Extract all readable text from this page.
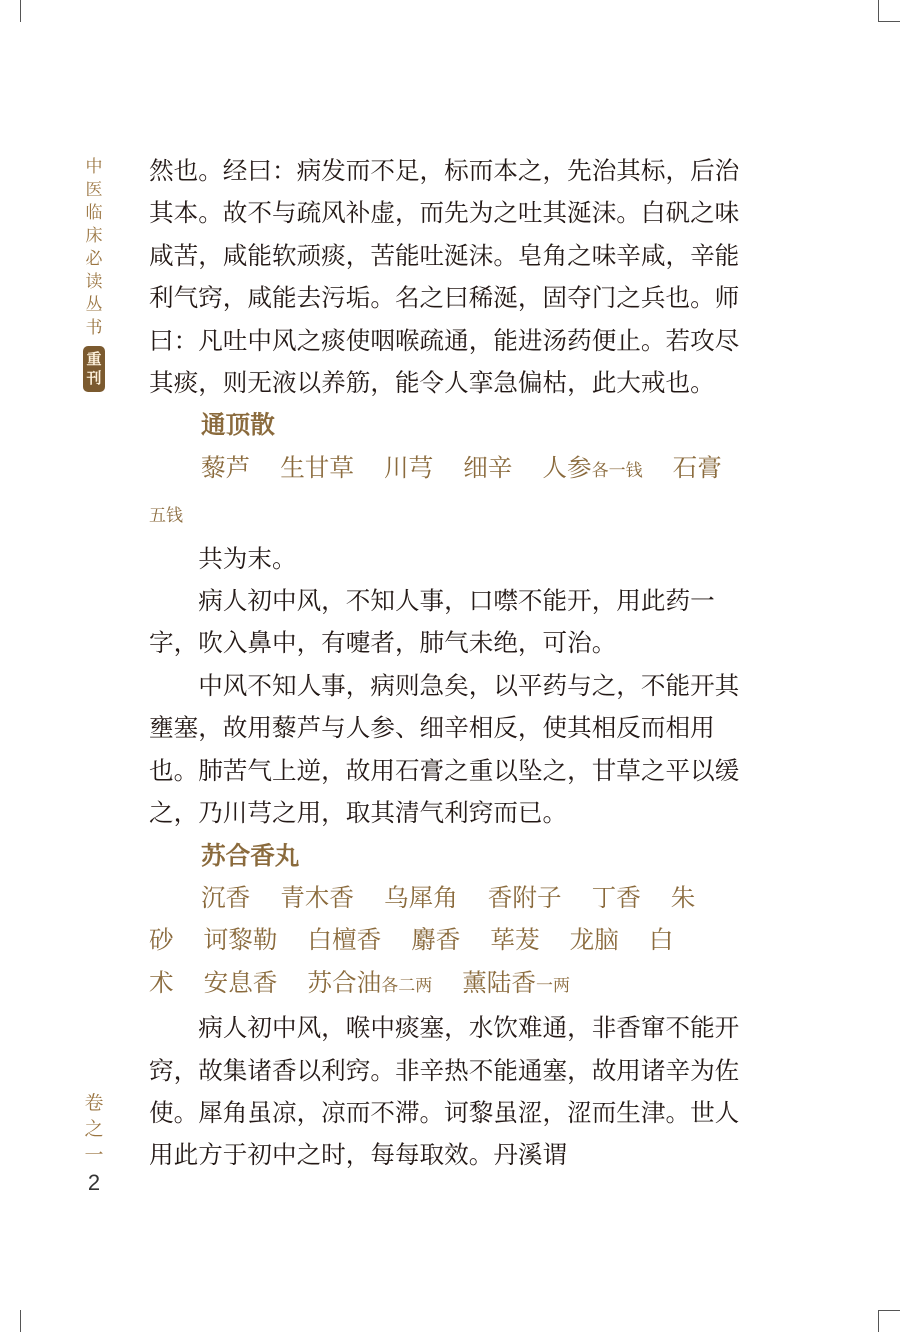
中
医
临
床
必
读
丛
书
重
刊
卷
之
一
2

然也。经曰：病发而不足，标而本之，先治其标，后治其本。故不与疏风补虚，而先为之吐其涎沫。白矾之味咸苦，咸能软顽痰，苦能吐涎沫。皂角之味辛咸，辛能利气窍，咸能去污垢。名之曰稀涎，固夺门之兵也。师曰：凡吐中风之痰使咽喉疏通，能进汤药便止。若攻尽其痰，则无液以养筋，能令人挛急偏枯，此大戒也。

通顶散

藜芦 生甘草 川芎 细辛 人参各一钱 石膏

五钱

共为末。

病人初中风，不知人事，口噤不能开，用此药一字，吹入鼻中，有嚏者，肺气未绝，可治。

中风不知人事，病则急矣，以平药与之，不能开其壅塞，故用藜芦与人参、细辛相反，使其相反而相用也。肺苦气上逆，故用石膏之重以坠之，甘草之平以缓之，乃川芎之用，取其清气利窍而已。

苏合香丸

沉香 青木香 乌犀角 香附子 丁香 朱

砂 诃黎勒 白檀香 麝香 荜茇 龙脑 白

术 安息香 苏合油各二两 薰陆香一两

病人初中风，喉中痰塞，水饮难通，非香窜不能开窍，故集诸香以利窍。非辛热不能通塞，故用诸辛为佐使。犀角虽凉，凉而不滞。诃黎虽涩，涩而生津。世人用此方于初中之时，每每取效。丹溪谓
